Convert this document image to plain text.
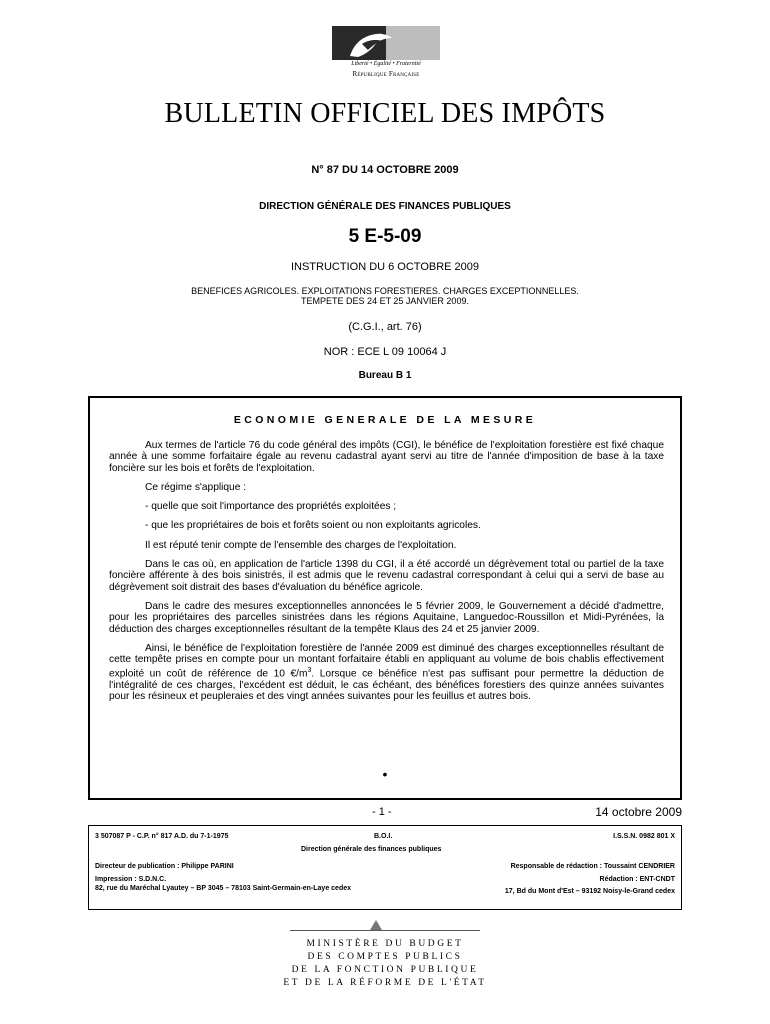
Liberté • Égalité • Fraternité
République Française
BULLETIN OFFICIEL DES IMPÔTS
N° 87 DU 14 OCTOBRE 2009
DIRECTION GÉNÉRALE DES FINANCES PUBLIQUES
5 E-5-09
INSTRUCTION DU 6 OCTOBRE 2009
BENEFICES AGRICOLES. EXPLOITATIONS FORESTIERES. CHARGES EXCEPTIONNELLES.
TEMPETE DES 24 ET 25 JANVIER 2009.
(C.G.I., art. 76)
NOR : ECE L 09 10064 J
Bureau B 1
ECONOMIE GENERALE DE LA MESURE

Aux termes de l'article 76 du code général des impôts (CGI), le bénéfice de l'exploitation forestière est fixé chaque année à une somme forfaitaire égale au revenu cadastral ayant servi au titre de l'année d'imposition de base à la taxe foncière sur les bois et forêts de l'exploitation.

Ce régime s'applique :

- quelle que soit l'importance des propriétés exploitées ;

- que les propriétaires de bois et forêts soient ou non exploitants agricoles.

Il est réputé tenir compte de l'ensemble des charges de l'exploitation.

Dans le cas où, en application de l'article 1398 du CGI, il a été accordé un dégrèvement total ou partiel de la taxe foncière afférente à des bois sinistrés, il est admis que le revenu cadastral correspondant à celui qui a servi de base au dégrèvement soit distrait des bases d'évaluation du bénéfice agricole.

Dans le cadre des mesures exceptionnelles annoncées le 5 février 2009, le Gouvernement a décidé d'admettre, pour les propriétaires des parcelles sinistrées dans les régions Aquitaine, Languedoc-Roussillon et Midi-Pyrénées, la déduction des charges exceptionnelles résultant de la tempête Klaus des 24 et 25 janvier 2009.

Ainsi, le bénéfice de l'exploitation forestière de l'année 2009 est diminué des charges exceptionnelles résultant de cette tempête prises en compte pour un montant forfaitaire établi en appliquant au volume de bois chablis effectivement exploité un coût de référence de 10 $€/m^3$. Lorsque ce bénéfice n'est pas suffisant pour permettre la déduction de l'intégralité de ces charges, l'excédent est déduit, le cas échéant, des bénéfices forestiers des quinze années suivantes pour les résineux et peupleraies et des vingt années suivantes pour les feuillus et autres bois.

•
- 1 -	14 octobre 2009
3 507087 P - C.P. n° 817 A.D. du 7-1-1975	B.O.I.	I.S.S.N. 0982 801 X
Direction générale des finances publiques
Directeur de publication : Philippe PARINI	Responsable de rédaction : Toussaint CENDRIER
Impression : S.D.N.C.	Rédaction : ENT-CNDT
82, rue du Maréchal Lyautey – BP 3045 – 78103 Saint-Germain-en-Laye cedex	17, Bd du Mont d'Est – 93192 Noisy-le-Grand cedex
MINISTÈRE DU BUDGET
DES COMPTES PUBLICS
DE LA FONCTION PUBLIQUE
ET DE LA RÉFORME DE L'ÉTAT
